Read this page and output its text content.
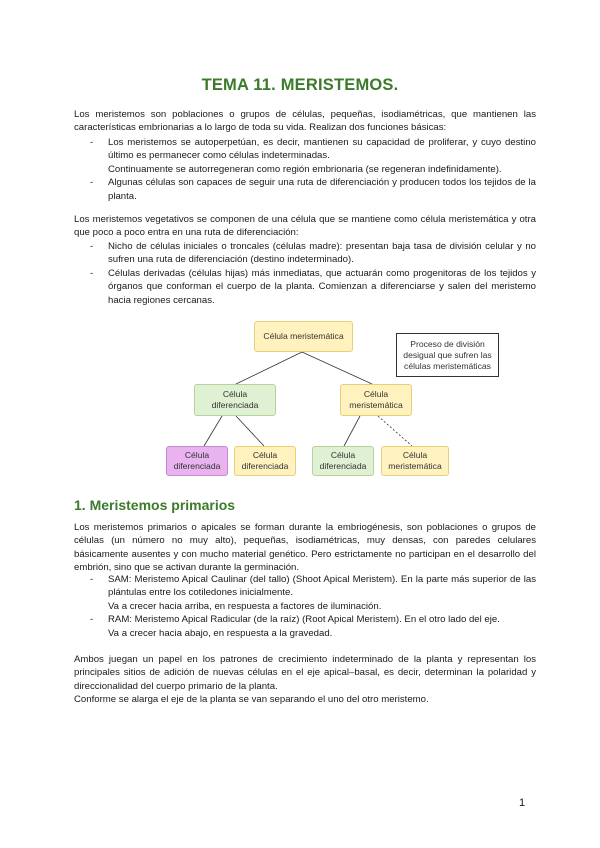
TEMA 11. MERISTEMOS.

Los meristemos son poblaciones o grupos de células, pequeñas, isodiamétricas, que mantienen las características embrionarias a lo largo de toda su vida. Realizan dos funciones básicas:

- Los meristemos se autoperpetúan, es decir, mantienen su capacidad de proliferar, y cuyo destino último es permanecer como células indeterminadas.
Continuamente se autorregeneran como región embrionaria (se regeneran indefinidamente).
- Algunas células son capaces de seguir una ruta de diferenciación y producen todos los tejidos de la planta.

Los meristemos vegetativos se componen de una célula que se mantiene como célula meristemática y otra que poco a poco entra en una ruta de diferenciación:

- Nicho de células iniciales o troncales (células madre): presentan baja tasa de división celular y no sufren una ruta de diferenciación (destino indeterminado).
- Células derivadas (células hijas) más inmediatas, que actuarán como progenitoras de los tejidos y órganos que conforman el cuerpo de la planta. Comienzan a diferenciarse y salen del meristemo hacia regiones cercanas.
Célula meristemática
Proceso de división desigual que sufren las células meristemáticas
Célula diferenciada
Célula meristemática
Célula diferenciada
Célula diferenciada
Célula diferenciada
Célula meristemática
1. Meristemos primarios

Los meristemos primarios o apicales se forman durante la embriogénesis, son poblaciones o grupos de células (un número no muy alto), pequeñas, isodiamétricas, muy densas, con paredes celulares básicamente ausentes y con mucho material genético. Pero estrictamente no participan en el desarrollo del embrión, sino que se activan durante la germinación.

- SAM: Meristemo Apical Caulinar (del tallo) (Shoot Apical Meristem). En la parte más superior de las plántulas entre los cotiledones inicialmente.
Va a crecer hacia arriba, en respuesta a factores de iluminación.
- RAM: Meristemo Apical Radicular (de la raíz) (Root Apical Meristem). En el otro lado del eje.
Va a crecer hacia abajo, en respuesta a la gravedad.

Ambos juegan un papel en los patrones de crecimiento indeterminado de la planta y representan los principales sitios de adición de nuevas células en el eje apical–basal, es decir, determinan la polaridad y direccionalidad del cuerpo primario de la planta.

Conforme se alarga el eje de la planta se van separando el uno del otro meristemo.

1
